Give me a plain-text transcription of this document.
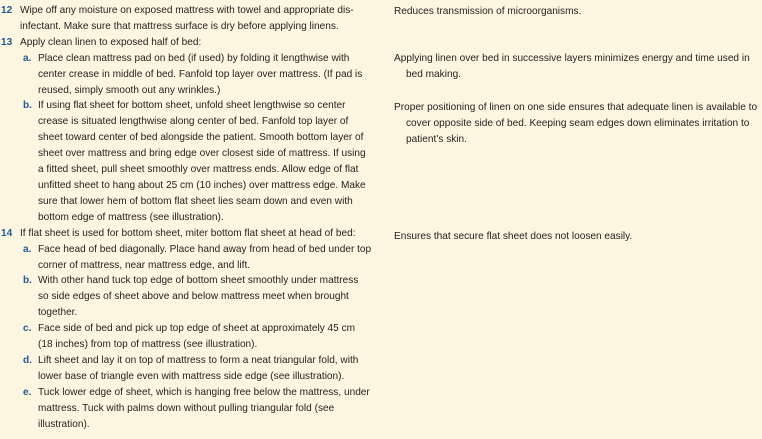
12 Wipe off any moisture on exposed mattress with towel and appropriate dis-
infectant. Make sure that mattress surface is dry before applying linens.
13 Apply clean linen to exposed half of bed:
a. Place clean mattress pad on bed (if used) by folding it lengthwise with
center crease in middle of bed. Fanfold top layer over mattress. (If pad is
reused, simply smooth out any wrinkles.)
b. If using flat sheet for bottom sheet, unfold sheet lengthwise so center
crease is situated lengthwise along center of bed. Fanfold top layer of
sheet toward center of bed alongside the patient. Smooth bottom layer of
sheet over mattress and bring edge over closest side of mattress. If using
a fitted sheet, pull sheet smoothly over mattress ends. Allow edge of flat
unfitted sheet to hang about 25 cm (10 inches) over mattress edge. Make
sure that lower hem of bottom flat sheet lies seam down and even with
bottom edge of mattress (see illustration).
14 If flat sheet is used for bottom sheet, miter bottom flat sheet at head of bed:
a. Face head of bed diagonally. Place hand away from head of bed under top
corner of mattress, near mattress edge, and lift.
b. With other hand tuck top edge of bottom sheet smoothly under mattress
so side edges of sheet above and below mattress meet when brought
together.
c. Face side of bed and pick up top edge of sheet at approximately 45 cm
(18 inches) from top of mattress (see illustration).
d. Lift sheet and lay it on top of mattress to form a neat triangular fold, with
lower base of triangle even with mattress side edge (see illustration).
e. Tuck lower edge of sheet, which is hanging free below the mattress, under
mattress. Tuck with palms down without pulling triangular fold (see
illustration).
Reduces transmission of microorganisms.
Applying linen over bed in successive layers minimizes energy and time used in
bed making.
Proper positioning of linen on one side ensures that adequate linen is available to
cover opposite side of bed. Keeping seam edges down eliminates irritation to
patient’s skin.
Ensures that secure flat sheet does not loosen easily.
